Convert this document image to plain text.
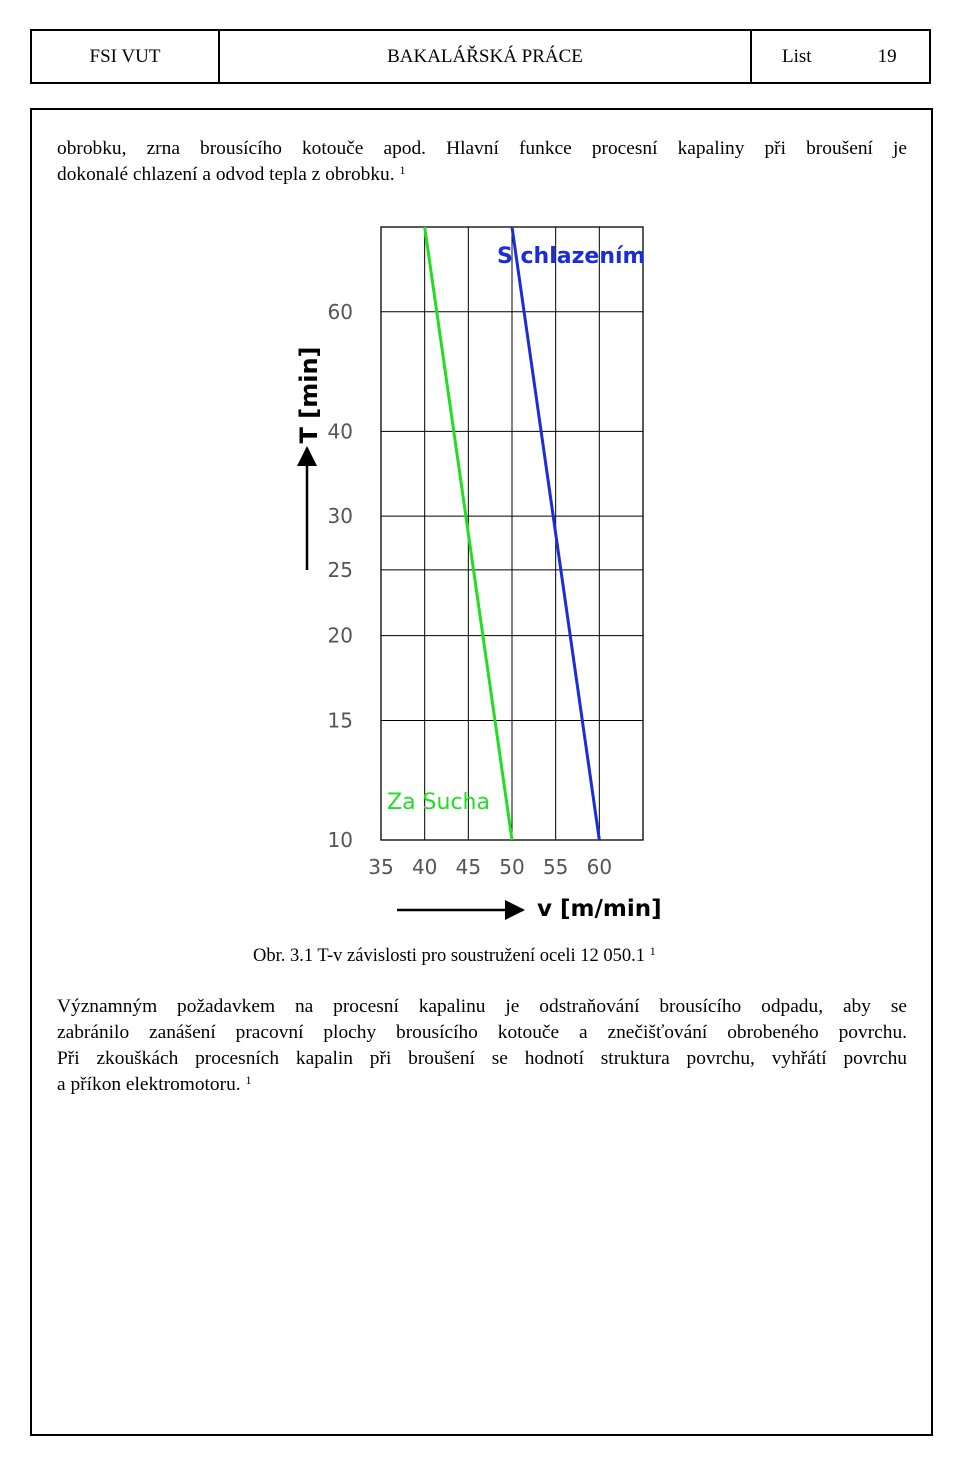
FSI VUT	BAKALÁŘSKÁ PRÁCE	List	19
obrobku, zrna brousícího kotouče apod. Hlavní funkce procesní kapaliny při broušení je
dokonalé chlazení a odvod tepla z obrobku. $^1$
35 40 45 50 55 60
10
15
20
25
30
40
60
Za Sucha
S chlazením
T [min]
v [m/min]
Obr. 3.1 T-v závislosti pro soustružení oceli 12 050.1 $^1$
Významným požadavkem na procesní kapalinu je odstraňování brousícího odpadu, aby se
zabránilo zanášení pracovní plochy brousícího kotouče a znečišťování obrobeného povrchu.
Při zkouškách procesních kapalin při broušení se hodnotí struktura povrchu, vyhřátí povrchu
a příkon elektromotoru. $^1$
